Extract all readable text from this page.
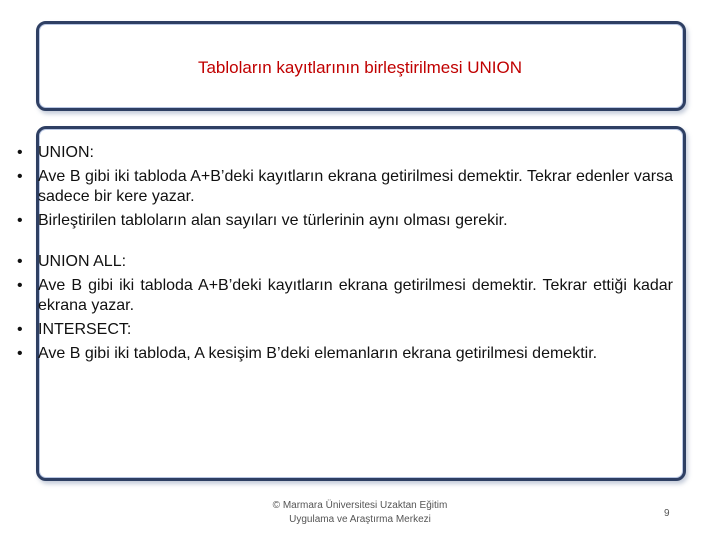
Tabloların kayıtlarının birleştirilmesi UNION
• UNION:
• Ave B gibi iki tabloda A+B’deki kayıtların ekrana getirilmesi demektir. Tekrar edenler varsa sadece bir kere yazar.
• Birleştirilen tabloların alan sayıları ve türlerinin aynı olması gerekir.
• UNION ALL:
• Ave B gibi iki tabloda A+B’deki kayıtların ekrana getirilmesi demektir. Tekrar ettiği kadar ekrana yazar.
• INTERSECT:
• Ave B gibi iki tabloda, A kesişim B’deki elemanların ekrana getirilmesi demektir.
© Marmara Üniversitesi Uzaktan Eğitim
Uygulama ve Araştırma Merkezi
9
